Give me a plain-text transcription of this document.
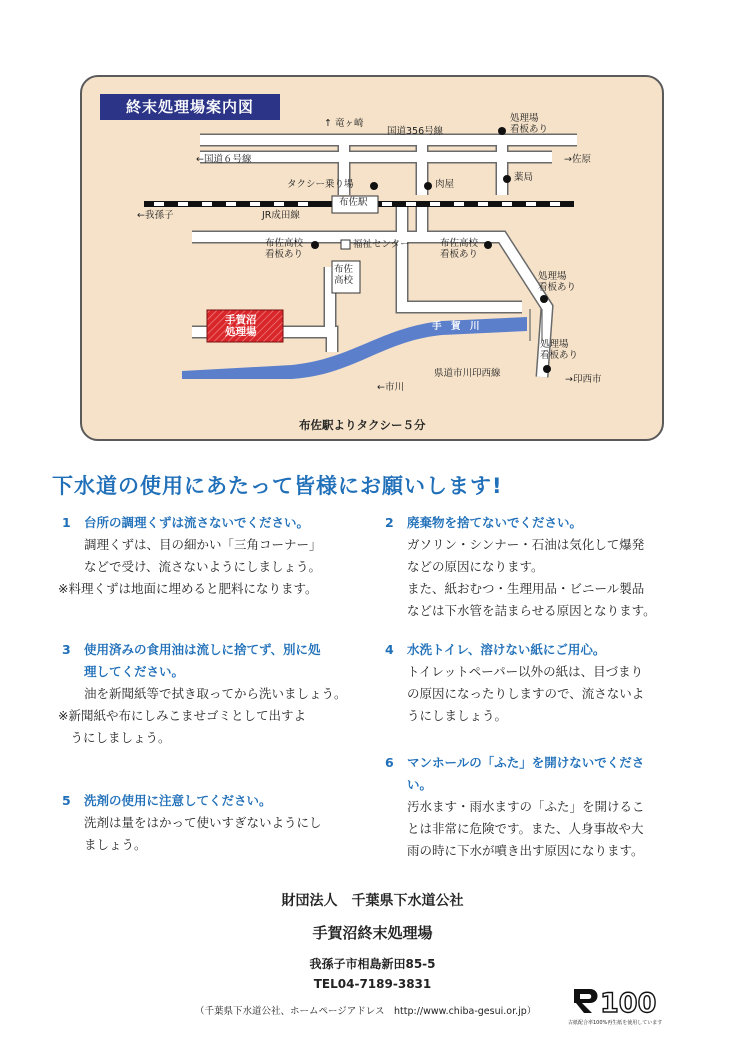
終末処理場案内図
↑ 竜ヶ崎
国道356号線
処理場
看板あり
←国道６号線	→佐原
タクシー乗り場	肉屋
薬局
←我孫子	JR成田線
布佐駅
布佐高校
看板あり
福祉センター	布佐高校
看板あり
布佐
高校	処理場
看板あり
手賀沼
処理場	手　賀　川
処理場
看板あり
←市川
県道市川印西線
→印西市
布佐駅よりタクシー５分
下水道の使用にあたって皆様にお願いします!
1 台所の調理くずは流さないでください。
調理くずは、目の細かい「三角コーナー」
などで受け、流さないようにしましょう。
※料理くずは地面に埋めると肥料になります。
2 廃棄物を捨てないでください。
ガソリン・シンナー・石油は気化して爆発
などの原因になります。
また、紙おむつ・生理用品・ビニール製品
などは下水管を詰まらせる原因となります。
3 使用済みの食用油は流しに捨てず、別に処
理してください。
油を新聞紙等で拭き取ってから洗いましょう。
※新聞紙や布にしみこませゴミとして出すよ
　うにしましょう。
4 水洗トイレ、溶けない紙にご用心。
トイレットペーパー以外の紙は、目づまり
の原因になったりしますので、流さないよ
うにしましょう。
5 洗剤の使用に注意してください。
洗剤は量をはかって使いすぎないようにし
ましょう。
6 マンホールの「ふた」を開けないでくださ
い。
汚水ます・雨水ますの「ふた」を開けるこ
とは非常に危険です。また、人身事故や大
雨の時に下水が噴き出す原因になります。
財団法人　千葉県下水道公社
手賀沼終末処理場
我孫子市相島新田85-5
TEL04-7189-3831
（千葉県下水道公社、ホームページアドレス　http://www.chiba-gesui.or.jp） 100
古紙配合率100%再生紙を使用しています
